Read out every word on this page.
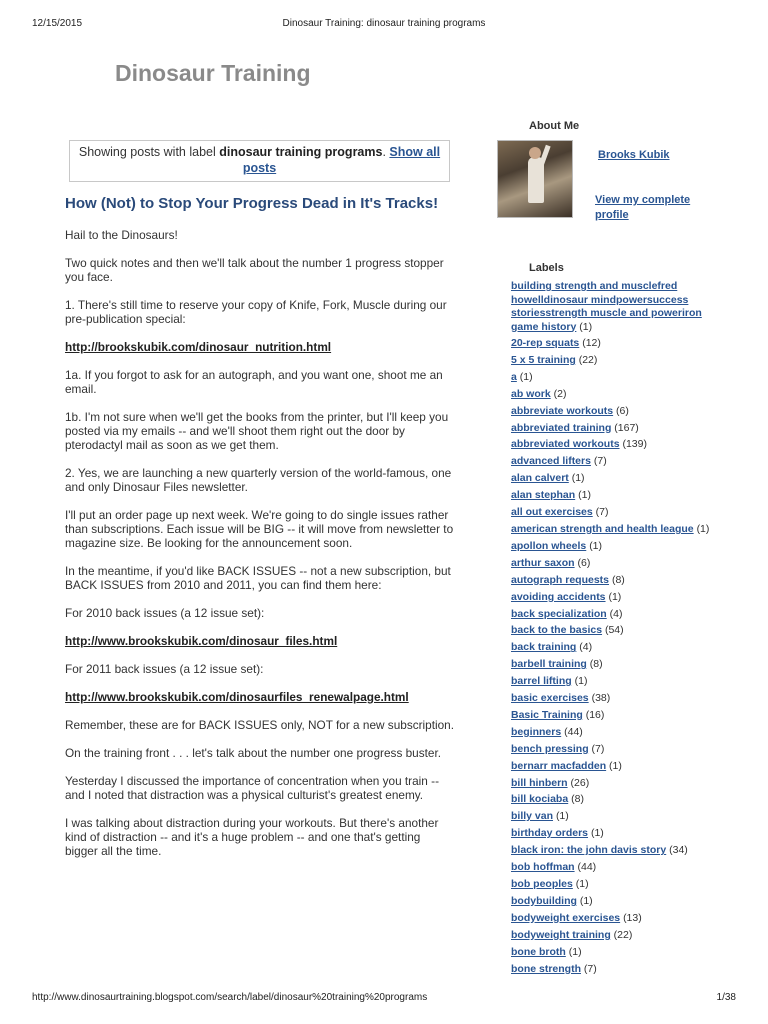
12/15/2015	Dinosaur Training: dinosaur training programs
Dinosaur Training
Showing posts with label dinosaur training programs. Show all posts
How (Not) to Stop Your Progress Dead in It's Tracks!

Hail to the Dinosaurs!

Two quick notes and then we'll talk about the number 1 progress stopper you face.

1. There's still time to reserve your copy of Knife, Fork, Muscle during our pre-publication special:

http://brookskubik.com/dinosaur_nutrition.html

1a. If you forgot to ask for an autograph, and you want one, shoot me an email.

1b. I'm not sure when we'll get the books from the printer, but I'll keep you posted via my emails -- and we'll shoot them right out the door by pterodactyl mail as soon as we get them.

2. Yes, we are launching a new quarterly version of the world-famous, one and only Dinosaur Files newsletter.

I'll put an order page up next week. We're going to do single issues rather than subscriptions. Each issue will be BIG -- it will move from newsletter to magazine size. Be looking for the announcement soon.

In the meantime, if you'd like BACK ISSUES -- not a new subscription, but BACK ISSUES from 2010 and 2011, you can find them here:

For 2010 back issues (a 12 issue set):

http://www.brookskubik.com/dinosaur_files.html

For 2011 back issues (a 12 issue set):

http://www.brookskubik.com/dinosaurfiles_renewalpage.html

Remember, these are for BACK ISSUES only, NOT for a new subscription.

On the training front . . . let's talk about the number one progress buster.

Yesterday I discussed the importance of concentration when you train -- and I noted that distraction was a physical culturist's greatest enemy.

I was talking about distraction during your workouts. But there's another kind of distraction -- and it's a huge problem -- and one that's getting bigger all the time.

About Me
Brooks Kubik
View my complete profile
Labels
building strength and musclefred howelldinosaur mindpowersuccess storiesstrength muscle and poweriron game history (1)
20-rep squats (12)
5 x 5 training (22)
a (1)
ab work (2)
abbreviate workouts (6)
abbreviated training (167)
abbreviated workouts (139)
advanced lifters (7)
alan calvert (1)
alan stephan (1)
all out exercises (7)
american strength and health league (1)
apollon wheels (1)
arthur saxon (6)
autograph requests (8)
avoiding accidents (1)
back specialization (4)
back to the basics (54)
back training (4)
barbell training (8)
barrel lifting (1)
basic exercises (38)
Basic Training (16)
beginners (44)
bench pressing (7)
bernarr macfadden (1)
bill hinbern (26)
bill kociaba (8)
billy van (1)
birthday orders (1)
black iron: the john davis story (34)
bob hoffman (44)
bob peoples (1)
bodybuilding (1)
bodyweight exercises (13)
bodyweight training (22)
bone broth (1)
bone strength (7)
http://www.dinosaurtraining.blogspot.com/search/label/dinosaur%20training%20programs	1/38
